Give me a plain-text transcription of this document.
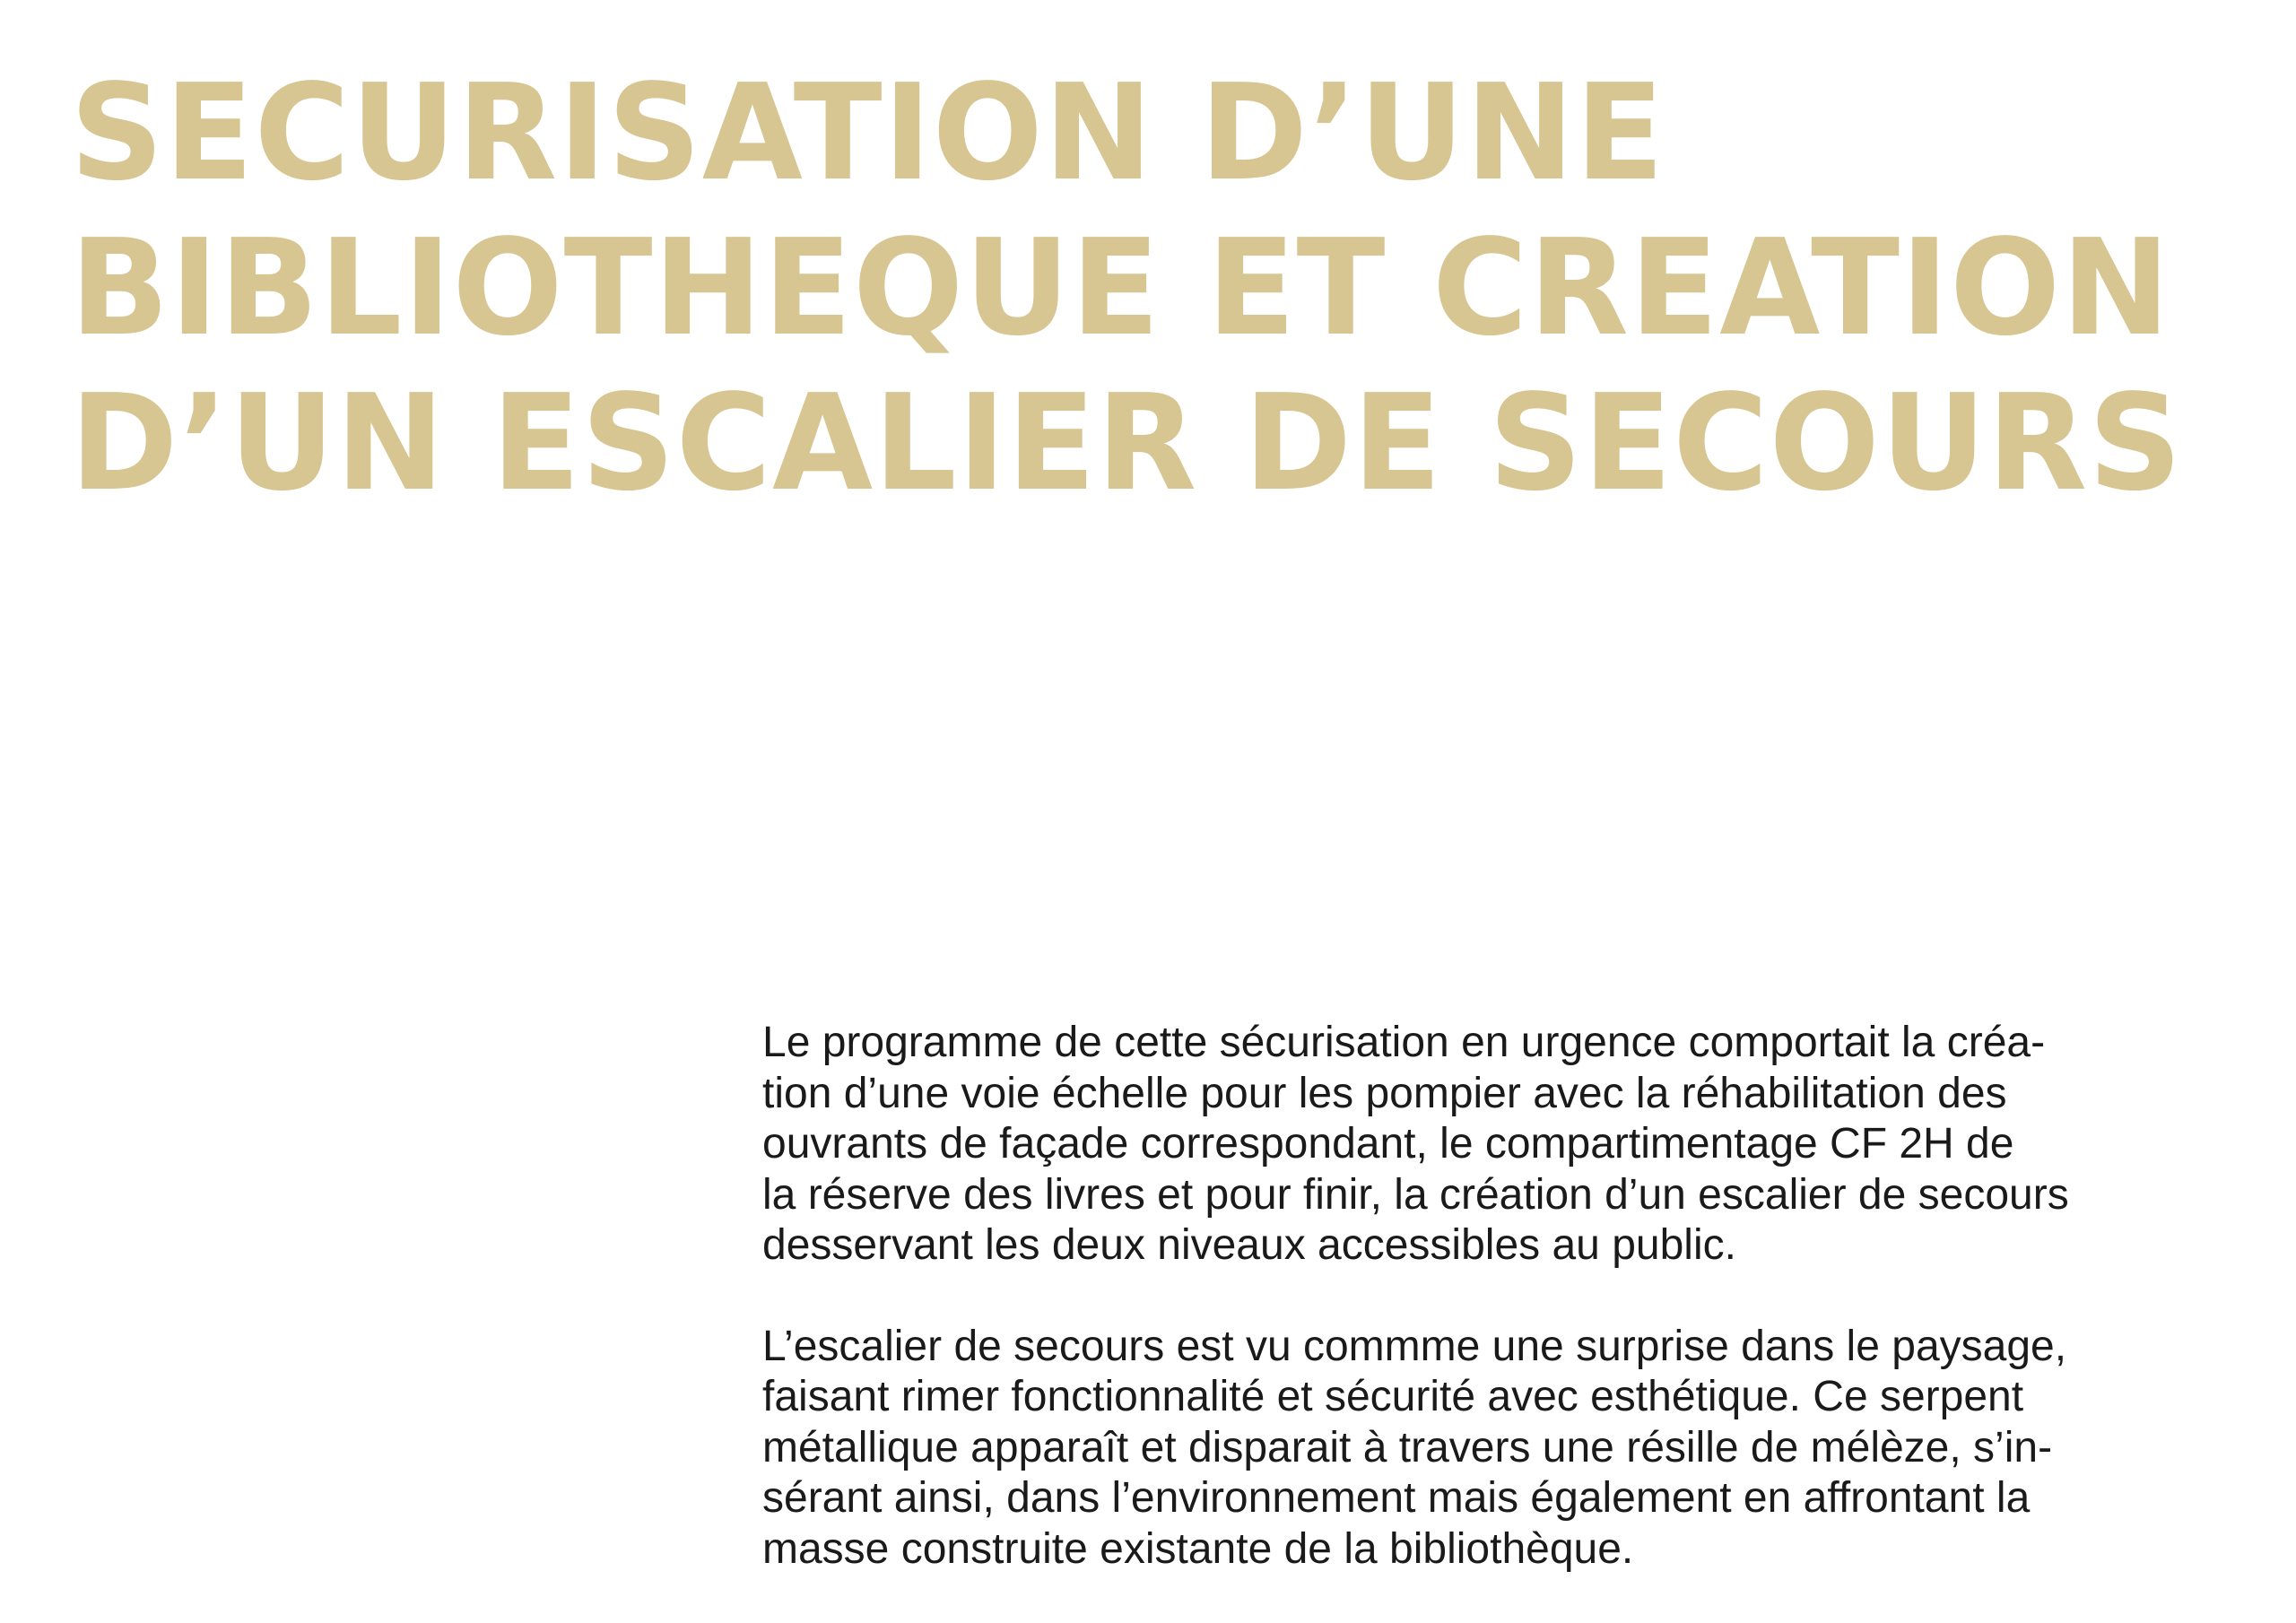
SECURISATION D’UNE
BIBLIOTHEQUE ET CREATION
D’UN ESCALIER DE SECOURS

Le programme de cette sécurisation en urgence comportait la créa-
tion d’une voie échelle pour les pompier avec la réhabilitation des
ouvrants de façade correspondant, le compartimentage CF 2H de
la réserve des livres et pour finir, la création d’un escalier de secours
desservant les deux niveaux accessibles au public.

L’escalier de secours est vu commme une surprise dans le paysage,
faisant rimer fonctionnalité et sécurité avec esthétique. Ce serpent
métallique apparaît et disparait à travers une résille de mélèze, s’in-
sérant ainsi, dans l’environnement mais également en affrontant la
masse construite existante de la bibliothèque.
